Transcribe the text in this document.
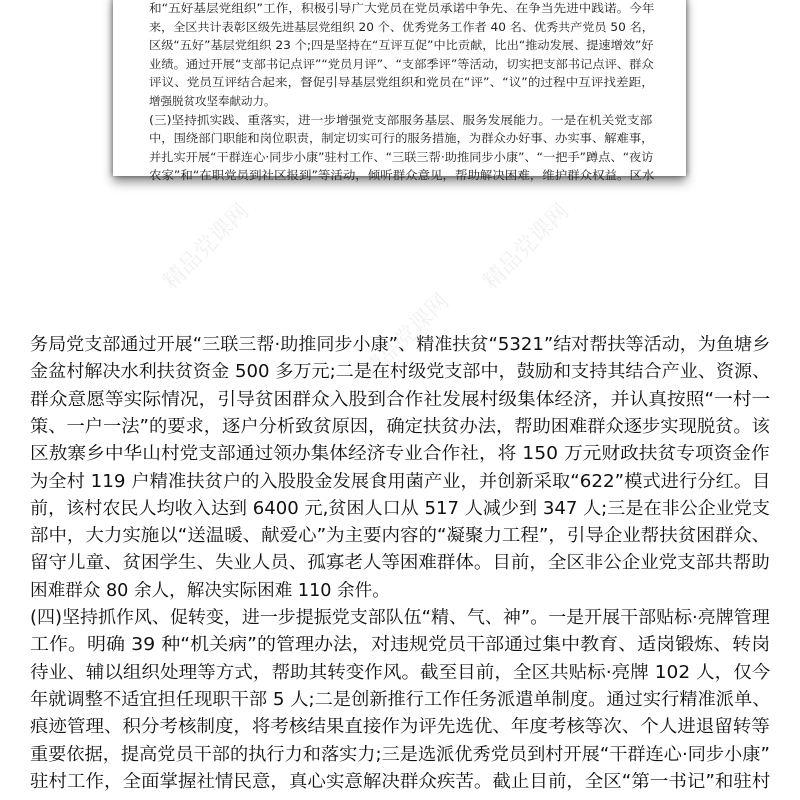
和“五好基层党组织”工作，积极引导广大党员在党员承诺中争先、在争当先进中践诺。今年
来，全区共计表彰区级先进基层党组织 20 个、优秀党务工作者 40 名、优秀共产党员 50 名，
区级“五好”基层党组织 23 个;四是坚持在“互评互促”中比贡献，比出“推动发展、提速增效”好
业绩。通过开展“支部书记点评”“党员月评”、“支部季评”等活动，切实把支部书记点评、群众
评议、党员互评结合起来，督促引导基层党组织和党员在“评”、“议”的过程中互评找差距，
增强脱贫攻坚奉献动力。
(三)坚持抓实践、重落实，进一步增强党支部服务基层、服务发展能力。一是在机关党支部
中，围绕部门职能和岗位职责，制定切实可行的服务措施，为群众办好事、办实事、解难事，
并扎实开展“干群连心·同步小康”驻村工作、“三联三帮·助推同步小康”、“一把手”蹲点、“夜访
农家”和“在职党员到社区报到”等活动，倾听群众意见，帮助解决困难，维护群众权益。区水
精品党课网	精品党课网
精品党课网
务局党支部通过开展“三联三帮·助推同步小康”、精准扶贫“5321”结对帮扶等活动，为鱼塘乡
金盆村解决水利扶贫资金 500 多万元;二是在村级党支部中，鼓励和支持其结合产业、资源、
群众意愿等实际情况，引导贫困群众入股到合作社发展村级集体经济，并认真按照“一村一
策、一户一法”的要求，逐户分析致贫原因，确定扶贫办法，帮助困难群众逐步实现脱贫。该
区敖寨乡中华山村党支部通过领办集体经济专业合作社，将 150 万元财政扶贫专项资金作
为全村 119 户精准扶贫户的入股股金发展食用菌产业，并创新采取“622”模式进行分红。目
前，该村农民人均收入达到 6400 元,贫困人口从 517 人减少到 347 人;三是在非公企业党支
部中，大力实施以“送温暖、献爱心”为主要内容的“凝聚力工程”，引导企业帮扶贫困群众、
留守儿童、贫困学生、失业人员、孤寡老人等困难群体。目前，全区非公企业党支部共帮助
困难群众 80 余人，解决实际困难 110 余件。
(四)坚持抓作风、促转变，进一步提振党支部队伍“精、气、神”。一是开展干部贴标·亮牌管理
工作。明确 39 种“机关病”的管理办法，对违规党员干部通过集中教育、适岗锻炼、转岗
待业、辅以组织处理等方式，帮助其转变作风。截至目前，全区共贴标·亮牌 102 人，仅今
年就调整不适宜担任现职干部 5 人;二是创新推行工作任务派遣单制度。通过实行精准派单、
痕迹管理、积分考核制度，将考核结果直接作为评先选优、年度考核等次、个人进退留转等
重要依据，提高党员干部的执行力和落实力;三是选派优秀党员到村开展“干群连心·同步小康”
驻村工作，全面掌握社情民意，真心实意解决群众疾苦。截止目前，全区“第一书记”和驻村
